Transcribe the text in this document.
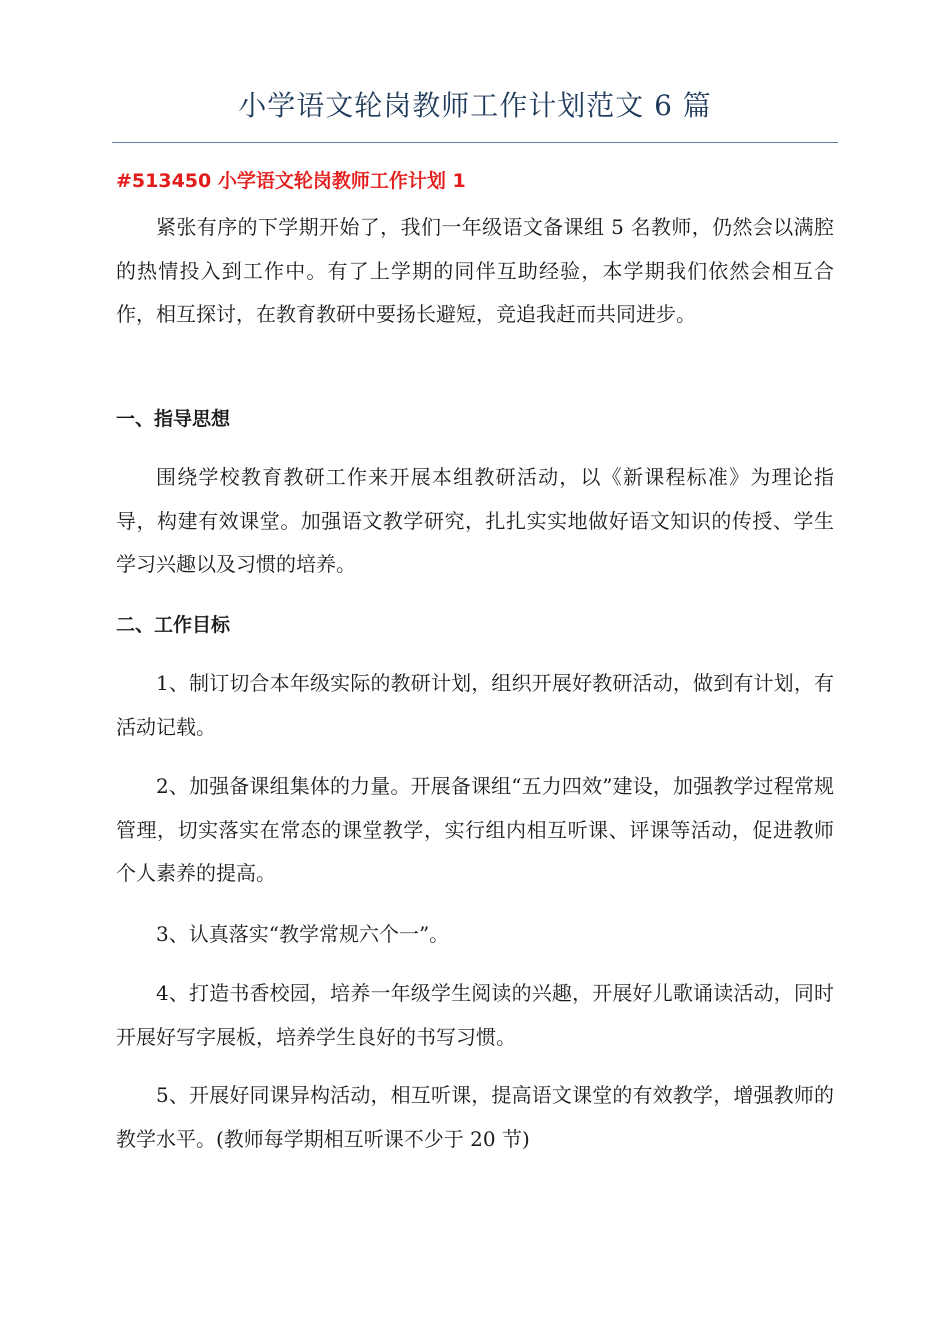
小学语文轮岗教师工作计划范文 6 篇
#513450 小学语文轮岗教师工作计划 1

紧张有序的下学期开始了，我们一年级语文备课组 5 名教师，仍然会以满腔的热情投入到工作中。有了上学期的同伴互助经验，本学期我们依然会相互合作，相互探讨，在教育教研中要扬长避短，竞追我赶而共同进步。

一、指导思想

围绕学校教育教研工作来开展本组教研活动，以《新课程标准》为理论指导，构建有效课堂。加强语文教学研究，扎扎实实地做好语文知识的传授、学生学习兴趣以及习惯的培养。

二、工作目标

1、制订切合本年级实际的教研计划，组织开展好教研活动，做到有计划，有活动记载。

2、加强备课组集体的力量。开展备课组“五力四效”建设，加强教学过程常规管理，切实落实在常态的课堂教学，实行组内相互听课、评课等活动，促进教师个人素养的提高。

3、认真落实“教学常规六个一”。

4、打造书香校园，培养一年级学生阅读的兴趣，开展好儿歌诵读活动，同时开展好写字展板，培养学生良好的书写习惯。

5、开展好同课异构活动，相互听课，提高语文课堂的有效教学，增强教师的教学水平。(教师每学期相互听课不少于 20 节)
